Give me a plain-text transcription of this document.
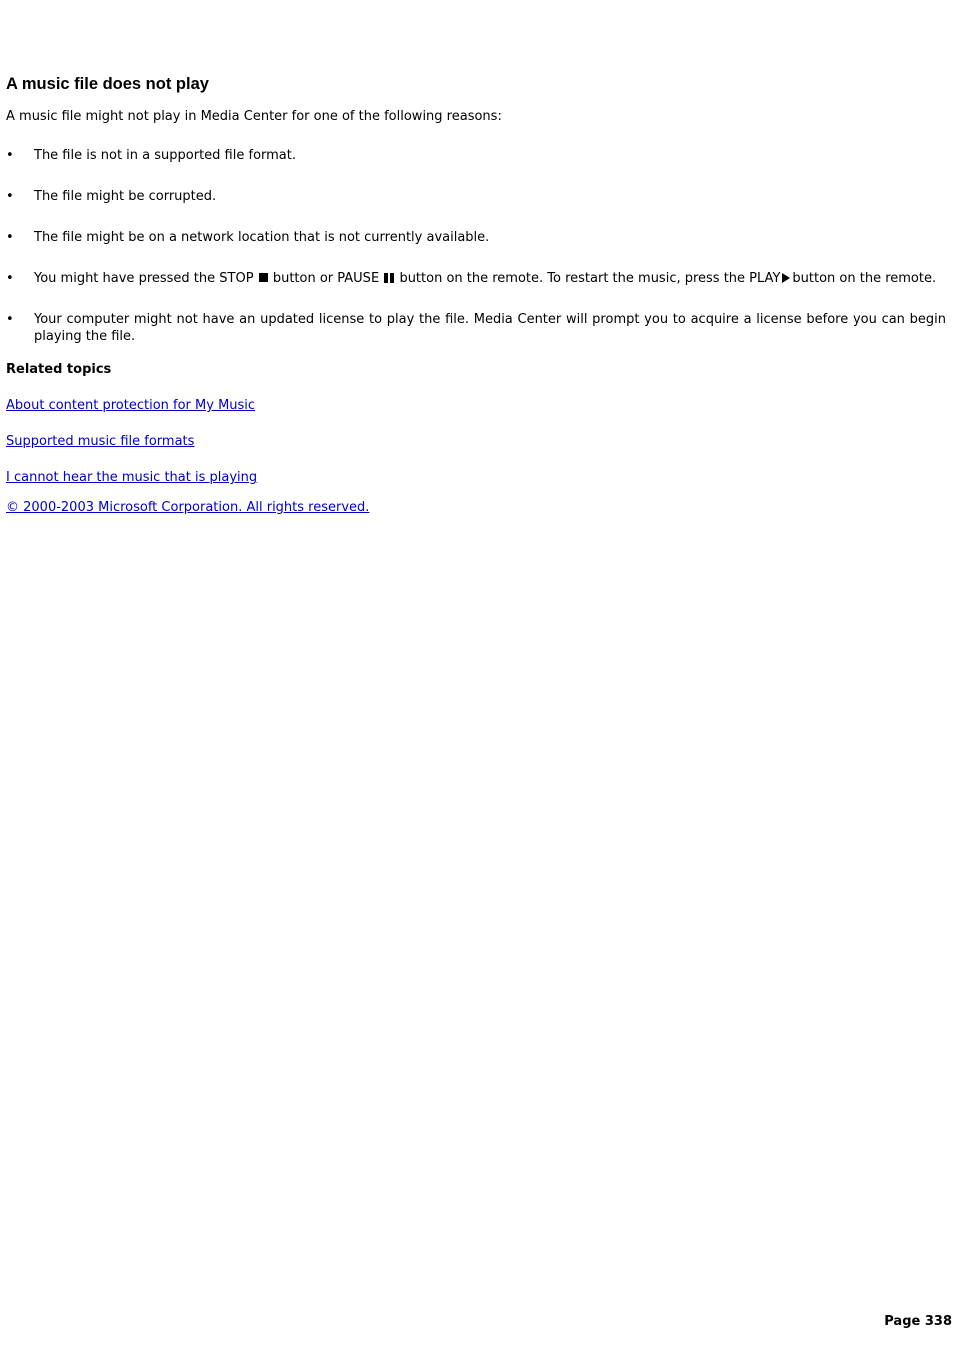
A music file does not play

A music file might not play in Media Center for one of the following reasons:

• The file is not in a supported file format.
• The file might be corrupted.
• The file might be on a network location that is not currently available.
• You might have pressed the STOP button or PAUSE button on the remote. To restart the music, press the PLAY button on the remote.
• Your computer might not have an updated license to play the file. Media Center will prompt you to acquire a license before you can begin playing the file.
Related topics
About content protection for My Music
Supported music file formats
I cannot hear the music that is playing
© 2000-2003 Microsoft Corporation. All rights reserved.
Page 338
